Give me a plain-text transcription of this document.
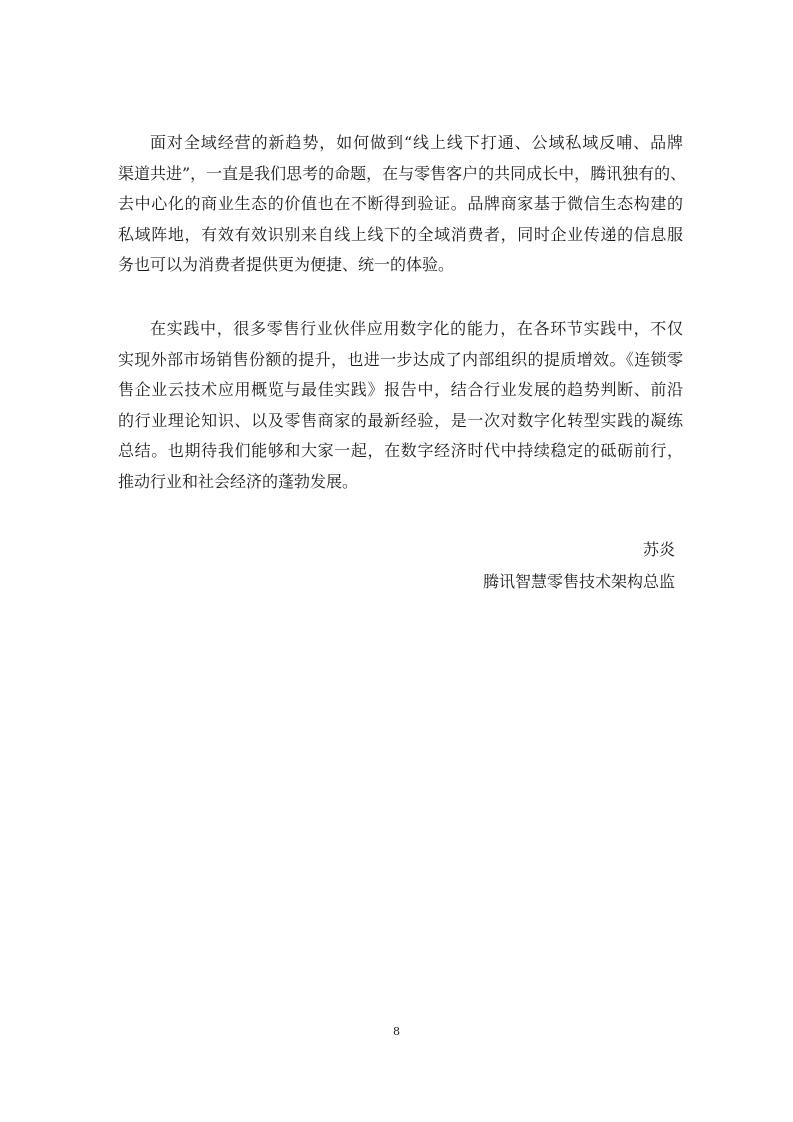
面对全域经营的新趋势，如何做到“线上线下打通、公域私域反哺、品牌
渠道共进”，一直是我们思考的命题，在与零售客户的共同成长中，腾讯独有的、
去中心化的商业生态的价值也在不断得到验证。品牌商家基于微信生态构建的
私域阵地，有效有效识别来自线上线下的全域消费者，同时企业传递的信息服
务也可以为消费者提供更为便捷、统一的体验。
在实践中，很多零售行业伙伴应用数字化的能力，在各环节实践中，不仅
实现外部市场销售份额的提升，也进一步达成了内部组织的提质增效。《连锁零
售企业云技术应用概览与最佳实践》报告中，结合行业发展的趋势判断、前沿
的行业理论知识、以及零售商家的最新经验，是一次对数字化转型实践的凝练
总结。也期待我们能够和大家一起，在数字经济时代中持续稳定的砥砺前行，
推动行业和社会经济的蓬勃发展。
苏炎
腾讯智慧零售技术架构总监
8
